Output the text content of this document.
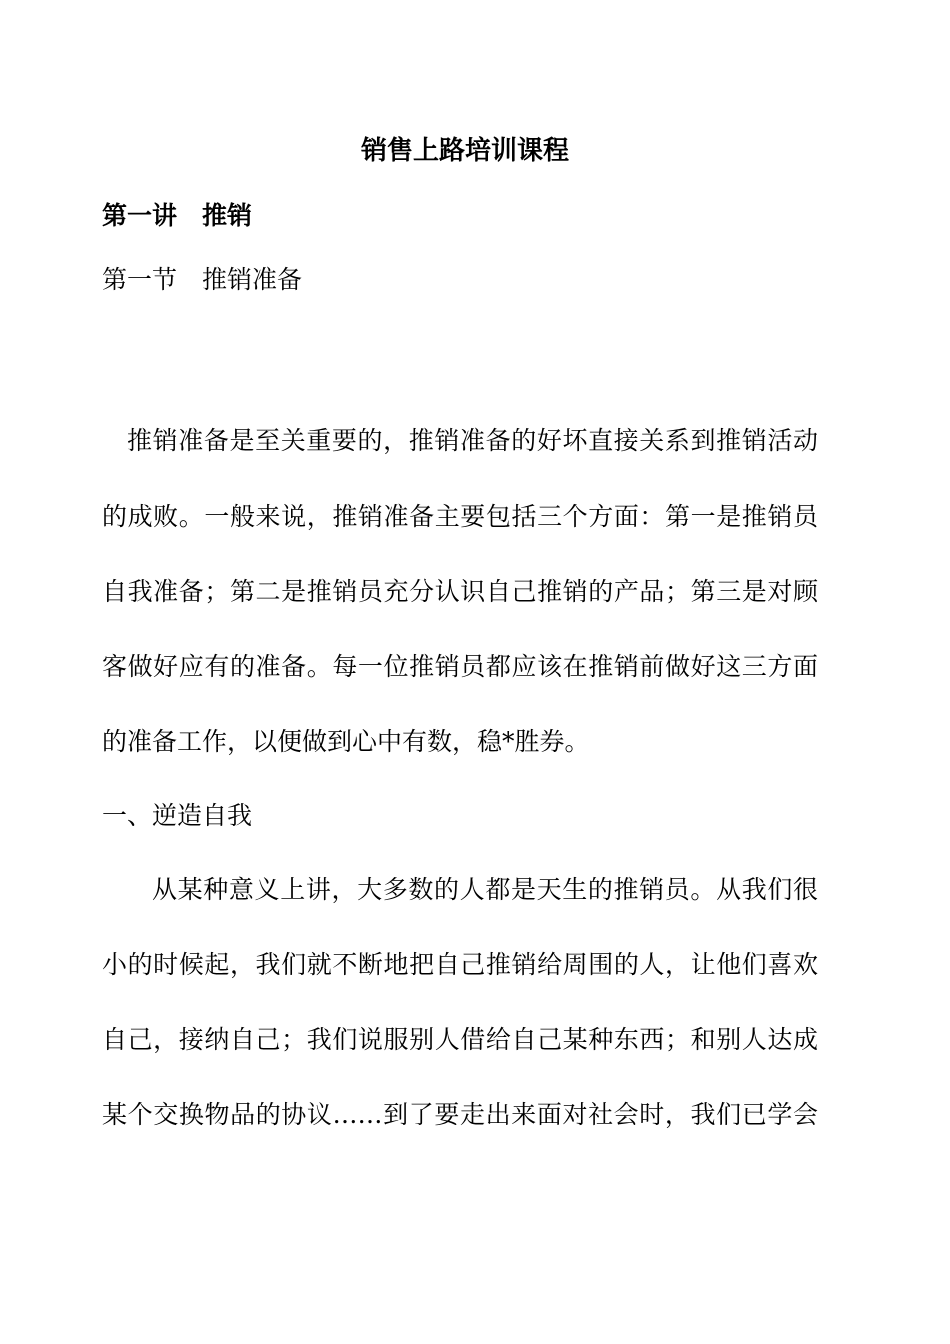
销售上路培训课程
第一讲　推销
第一节　推销准备
推销准备是至关重要的，推销准备的好坏直接关系到推销活动
的成败。一般来说，推销准备主要包括三个方面：第一是推销员
自我准备；第二是推销员充分认识自己推销的产品；第三是对顾
客做好应有的准备。每一位推销员都应该在推销前做好这三方面
的准备工作，以便做到心中有数，稳*胜券。
一、逆造自我
从某种意义上讲，大多数的人都是天生的推销员。从我们很
小的时候起，我们就不断地把自己推销给周围的人，让他们喜欢
自己，接纳自己；我们说服别人借给自己某种东西；和别人达成
某个交换物品的协议……到了要走出来面对社会时，我们已学会
